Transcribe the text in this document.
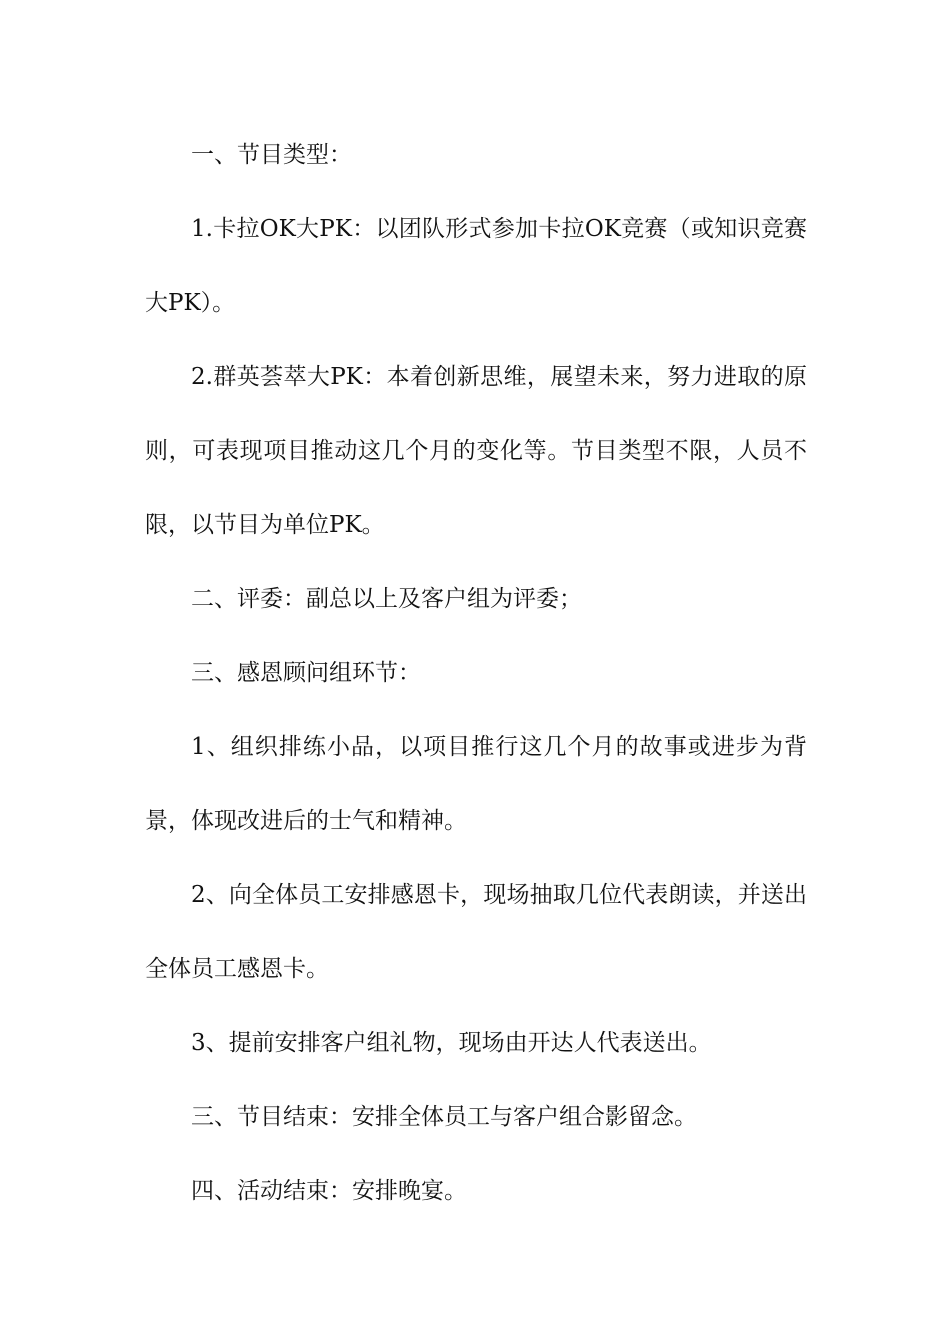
一、节目类型：

1.卡拉OK大PK：以团队形式参加卡拉OK竞赛（或知识竞赛大PK）。

2.群英荟萃大PK：本着创新思维，展望未来，努力进取的原则，可表现项目推动这几个月的变化等。节目类型不限，人员不限，以节目为单位PK。

二、评委：副总以上及客户组为评委；

三、感恩顾问组环节：

1、组织排练小品，以项目推行这几个月的故事或进步为背景，体现改进后的士气和精神。

2、向全体员工安排感恩卡，现场抽取几位代表朗读，并送出全体员工感恩卡。

3、提前安排客户组礼物，现场由开达人代表送出。

三、节目结束：安排全体员工与客户组合影留念。

四、活动结束：安排晚宴。
